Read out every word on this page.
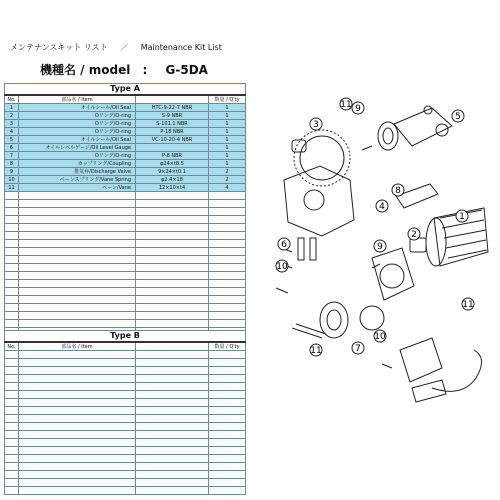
メンテナンスキット リスト ／ Maintenance Kit List
機種名 / model : G-5DA
Type A			
No.	部品名 / Item		数量 / Q'ty
1	オイルシール/Oil Seal	HTC-9-22-7 NBR	1
2	Oリング/O-ring	S-9 NBR	1
3	Oリング/O-ring	S-101.1 NBR	1
4	Oリング/O-ring	P-18 NBR	1
5	オイルシール/Oil Seal	VC-10-20-4 NBR	1
6	オイルレベルゲージ/Oil Level Gauge		1
7	Oリング/O-ring	P-8 NBR	1
8	カップリング/Coupling	φ24×t8.5	1
9	排気弁/Discharge Valve	9×24×t0.1	2
10	ベーンスプリング/Vane Spring	φ2.4×18	2
11	ベーン/Vane	12×10×t4	4

Type B			
No.	部品名 / Item		数量 / Q'ty

1
2
3
4
5
6
7
8
9
9
10
10
11
11
11
